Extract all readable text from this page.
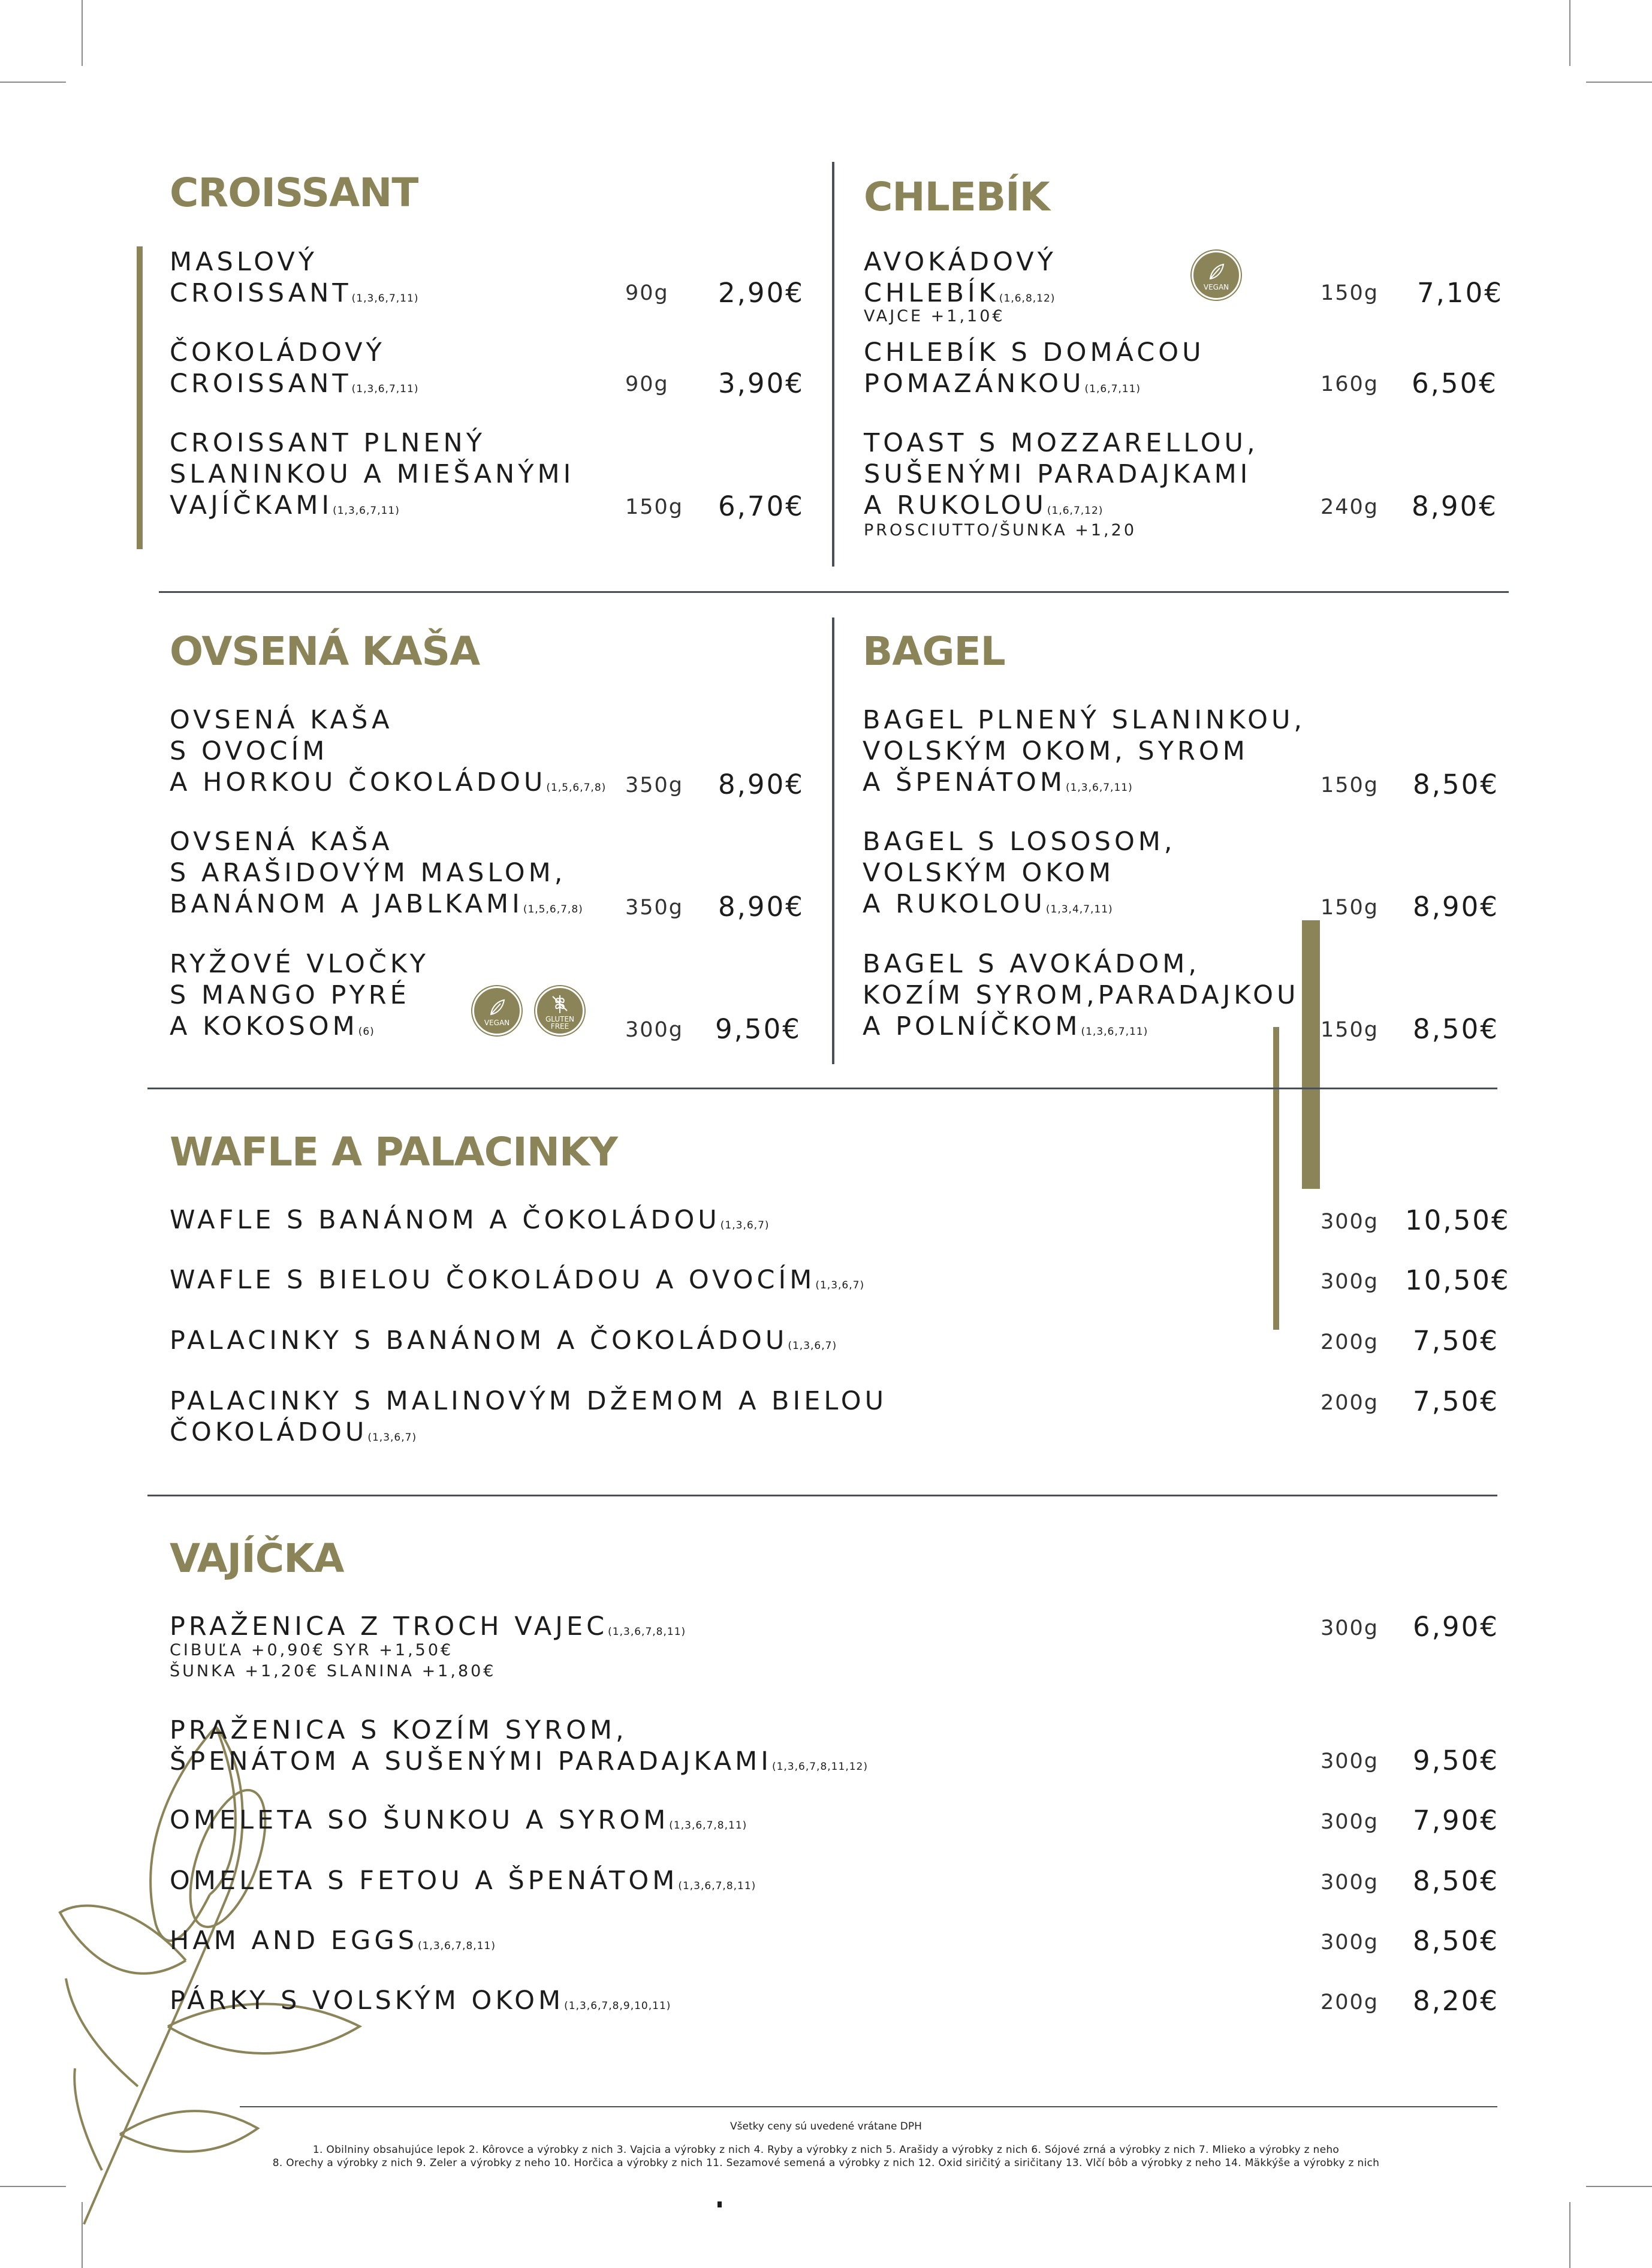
CROISSANT
MASLOVÝ
CROISSANT(1,3,6,7,11)	90g 2,90€
ČOKOLÁDOVÝ
CROISSANT(1,3,6,7,11)	90g 3,90€
CROISSANT PLNENÝ
SLANINKOU A MIEŠANÝMI
VAJÍČKAMI(1,3,6,7,11)	150g 6,70€
CHLEBÍK
AVOKÁDOVÝ
CHLEBÍK(1,6,8,12)
VAJCE +1,10€
VEGAN	150g 7,10€
CHLEBÍK S DOMÁCOU
POMAZÁNKOU(1,6,7,11)	160g 6,50€
TOAST S MOZZARELLOU,
SUŠENÝMI PARADAJKAMI
A RUKOLOU(1,6,7,12)
PROSCIUTTO/ŠUNKA +1,20
240g 8,90€
OVSENÁ KAŠA
OVSENÁ KAŠA
S OVOCÍM
A HORKOU ČOKOLÁDOU(1,5,6,7,8) 350g 8,90€
OVSENÁ KAŠA
S ARAŠIDOVÝM MASLOM,
BANÁNOM A JABLKAMI(1,5,6,7,8) 350g 8,90€
RYŽOVÉ VLOČKY
S MANGO PYRÉ
A KOKOSOM(6)
VEGAN	GLUTEN FREE	300g 9,50€
BAGEL
BAGEL PLNENÝ SLANINKOU,
VOLSKÝM OKOM, SYROM
A ŠPENÁTOM(1,3,6,7,11)	150g 8,50€
BAGEL S LOSOSOM,
VOLSKÝM OKOM
A RUKOLOU(1,3,4,7,11)	150g 8,90€
BAGEL S AVOKÁDOM,
KOZÍM SYROM,PARADAJKOU
A POLNÍČKOM(1,3,6,7,11)	150g 8,50€
WAFLE A PALACINKY
WAFLE S BANÁNOM A ČOKOLÁDOU(1,3,6,7)	300g 10,50€
WAFLE S BIELOU ČOKOLÁDOU A OVOCÍM(1,3,6,7)	300g 10,50€
PALACINKY S BANÁNOM A ČOKOLÁDOU(1,3,6,7)	200g 7,50€
PALACINKY S MALINOVÝM DŽEMOM A BIELOU
ČOKOLÁDOU(1,3,6,7)
200g 7,50€
VAJÍČKA
PRAŽENICA Z TROCH VAJEC(1,3,6,7,8,11)
CIBUĽA +0,90€ SYR +1,50€
ŠUNKA +1,20€ SLANINA +1,80€
300g 6,90€
PRAŽENICA S KOZÍM SYROM,
ŠPENÁTOM A SUŠENÝMI PARADAJKAMI(1,3,6,7,8,11,12)	300g 9,50€
OMELETA SO ŠUNKOU A SYROM(1,3,6,7,8,11)	300g 7,90€
OMELETA S FETOU A ŠPENÁTOM(1,3,6,7,8,11)	300g 8,50€
HAM AND EGGS(1,3,6,7,8,11)	300g 8,50€
PÁRKY S VOLSKÝM OKOM(1,3,6,7,8,9,10,11)	200g 8,20€
Všetky ceny sú uvedené vrátane DPH
1. Obilniny obsahujúce lepok 2. Kôrovce a výrobky z nich 3. Vajcia a výrobky z nich 4. Ryby a výrobky z nich 5. Arašidy a výrobky z nich 6. Sójové zrná a výrobky z nich 7. Mlieko a výrobky z neho
8. Orechy a výrobky z nich 9. Zeler a výrobky z neho 10. Horčica a výrobky z nich 11. Sezamové semená a výrobky z nich 12. Oxid siričitý a siričitany 13. Vlčí bôb a výrobky z neho 14. Mäkkýše a výrobky z nich
